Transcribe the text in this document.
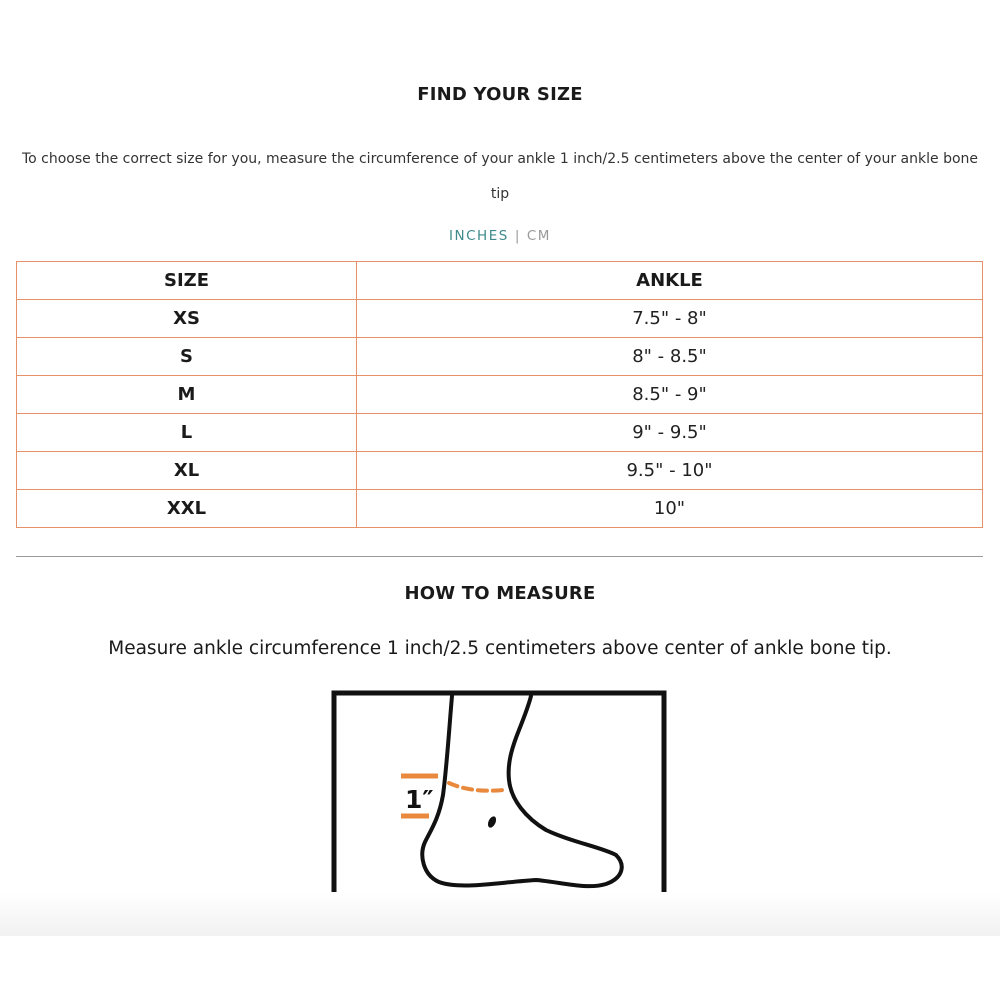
FIND YOUR SIZE
To choose the correct size for you, measure the circumference of your ankle 1 inch/2.5 centimeters above the center of your ankle bone tip
INCHES | CM
SIZE	ANKLE
XS	7.5" - 8"
S	8" - 8.5"
M	8.5" - 9"
L	9" - 9.5"
XL	9.5" - 10"
XXL	10"
HOW TO MEASURE
Measure ankle circumference 1 inch/2.5 centimeters above center of ankle bone tip.
1″
